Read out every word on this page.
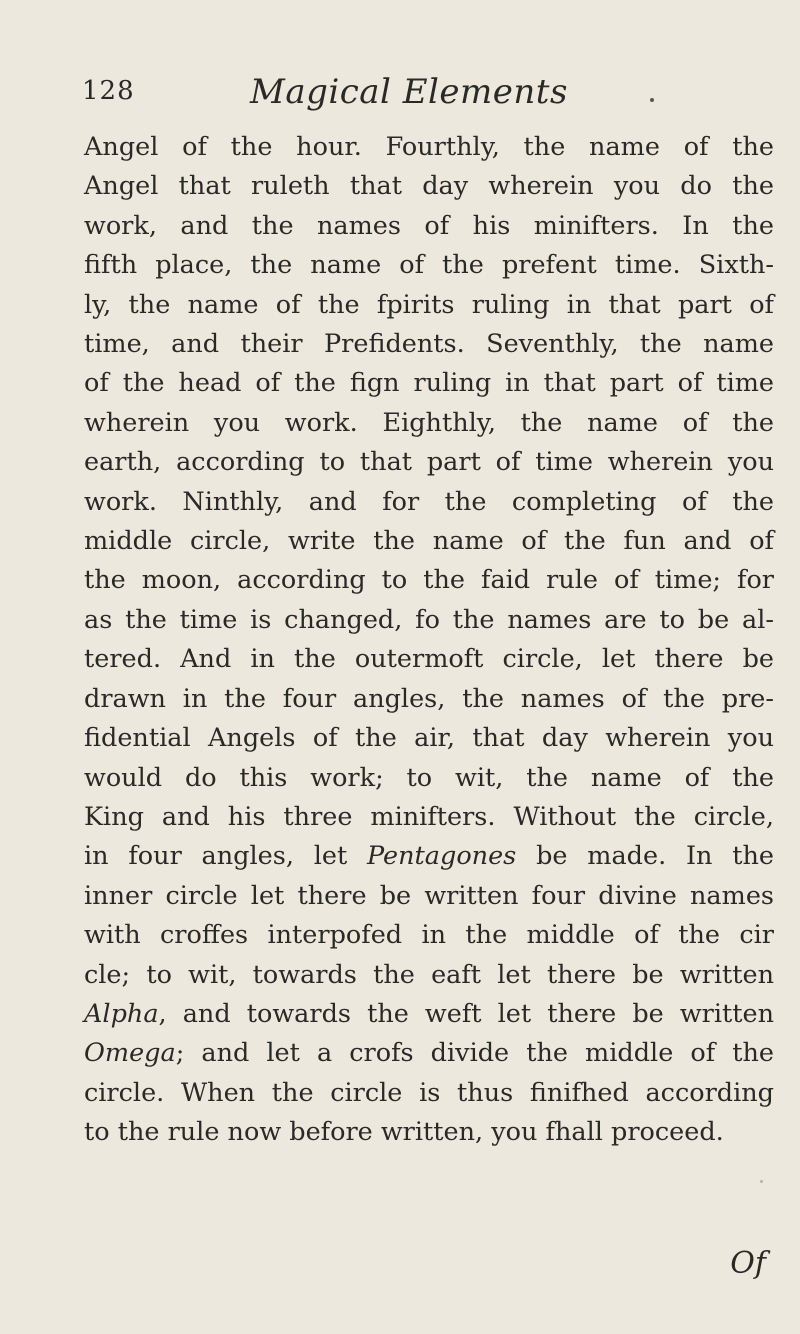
128	Magical Elements
Angel of the hour. Fourthly, the name of the
Angel that ruleth that day wherein you do the
work, and the names of his minifters. In the
fifth place, the name of the prefent time. Sixth-
ly, the name of the fpirits ruling in that part of
time, and their Prefidents. Seventhly, the name
of the head of the fign ruling in that part of time
wherein you work. Eighthly, the name of the
earth, according to that part of time wherein you
work. Ninthly, and for the completing of the
middle circle, write the name of the fun and of
the moon, according to the faid rule of time; for
as the time is changed, fo the names are to be al-
tered. And in the outermoft circle, let there be
drawn in the four angles, the names of the pre-
fidential Angels of the air, that day wherein you
would do this work; to wit, the name of the
King and his three minifters. Without the circle,
in four angles, let Pentagones be made. In the
inner circle let there be written four divine names
with croffes interpofed in the middle of the cir
cle; to wit, towards the eaft let there be written
Alpha, and towards the weft let there be written
Omega; and let a crofs divide the middle of the
circle. When the circle is thus finifhed according
to the rule now before written, you fhall proceed.
Of
